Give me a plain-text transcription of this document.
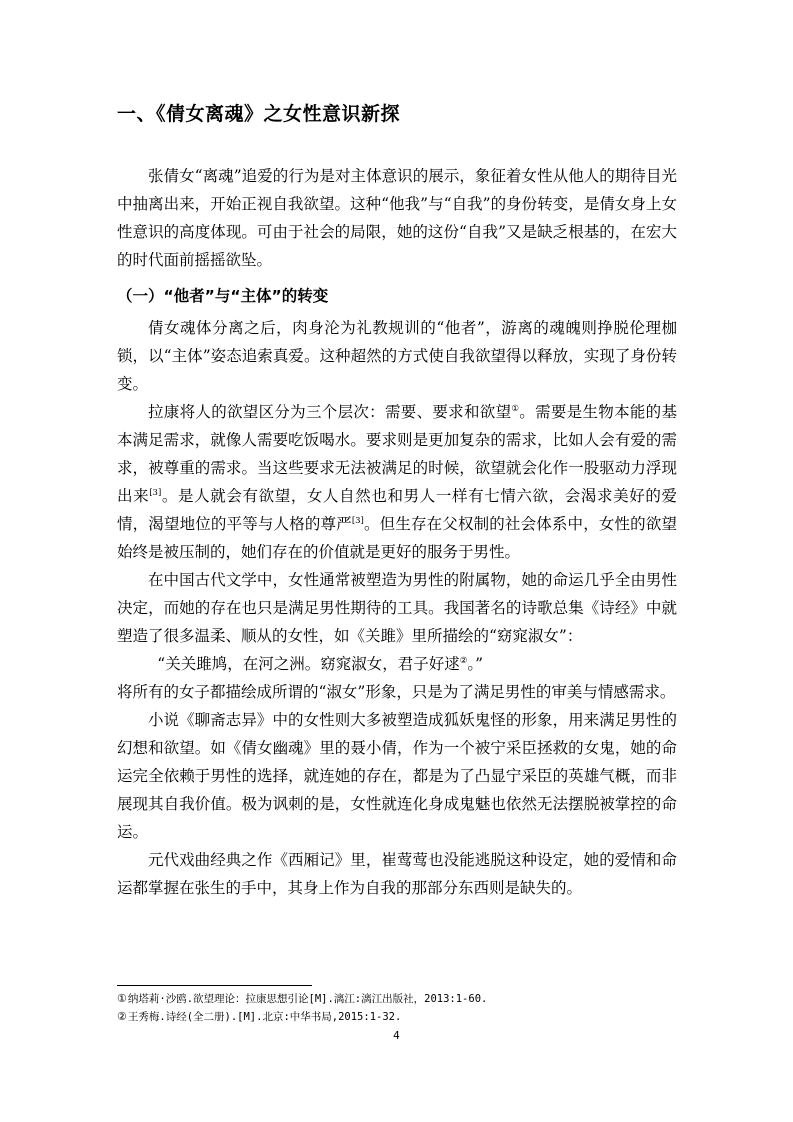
一、《倩女离魂》之女性意识新探

张倩女“离魂”追爱的行为是对主体意识的展示，象征着女性从他人的期待目光中抽离出来，开始正视自我欲望。这种“他我”与“自我”的身份转变，是倩女身上女性意识的高度体现。可由于社会的局限，她的这份“自我”又是缺乏根基的，在宏大的时代面前摇摇欲坠。

（一）“他者”与“主体”的转变

倩女魂体分离之后，肉身沦为礼教规训的“他者”，游离的魂魄则挣脱伦理枷锁，以“主体”姿态追索真爱。这种超然的方式使自我欲望得以释放，实现了身份转变。

拉康将人的欲望区分为三个层次：需要、要求和欲望①。需要是生物本能的基本满足需求，就像人需要吃饭喝水。要求则是更加复杂的需求，比如人会有爱的需求，被尊重的需求。当这些要求无法被满足的时候，欲望就会化作一股驱动力浮现出来[3]。是人就会有欲望，女人自然也和男人一样有七情六欲，会渴求美好的爱情，渴望地位的平等与人格的尊严[3]。但生存在父权制的社会体系中，女性的欲望始终是被压制的，她们存在的价值就是更好的服务于男性。

在中国古代文学中，女性通常被塑造为男性的附属物，她的命运几乎全由男性决定，而她的存在也只是满足男性期待的工具。我国著名的诗歌总集《诗经》中就塑造了很多温柔、顺从的女性，如《关雎》里所描绘的“窈窕淑女”：

“关关雎鸠，在河之洲。窈窕淑女，君子好逑②。”

将所有的女子都描绘成所谓的“淑女”形象，只是为了满足男性的审美与情感需求。

小说《聊斋志异》中的女性则大多被塑造成狐妖鬼怪的形象，用来满足男性的幻想和欲望。如《倩女幽魂》里的聂小倩，作为一个被宁采臣拯救的女鬼，她的命运完全依赖于男性的选择，就连她的存在，都是为了凸显宁采臣的英雄气概，而非展现其自我价值。极为讽刺的是，女性就连化身成鬼魅也依然无法摆脱被掌控的命运。

元代戏曲经典之作《西厢记》里，崔莺莺也没能逃脱这种设定，她的爱情和命运都掌握在张生的手中，其身上作为自我的那部分东西则是缺失的。

①纳塔莉·沙鸥.欲望理论：拉康思想引论[M].漓江:漓江出版社，2013:1-60.
②王秀梅.诗经(全二册).[M].北京:中华书局,2015:1-32.
4
